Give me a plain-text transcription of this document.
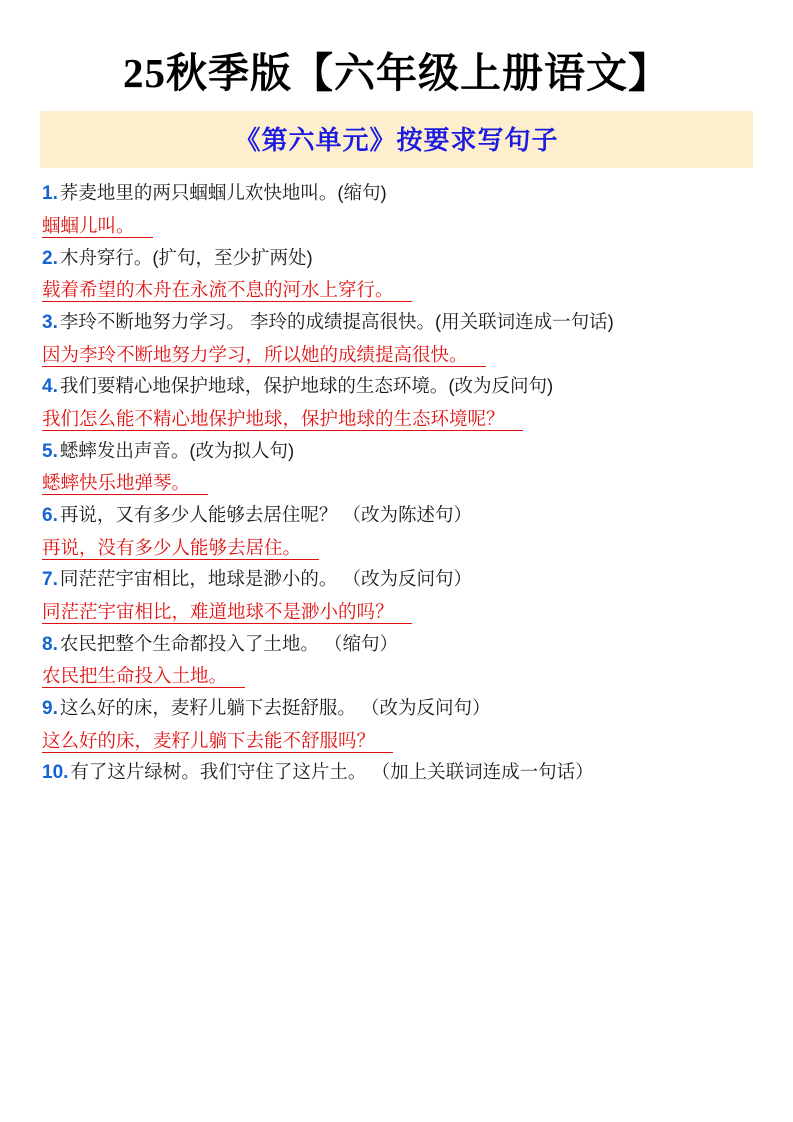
25秋季版【六年级上册语文】
《第六单元》按要求写句子
1. 荞麦地里的两只蝈蝈儿欢快地叫。(缩句)
蝈蝈儿叫。
2. 木舟穿行。(扩句，至少扩两处)
载着希望的木舟在永流不息的河水上穿行。
3. 李玲不断地努力学习。 李玲的成绩提高很快。(用关联词连成一句话)
因为李玲不断地努力学习，所以她的成绩提高很快。
4. 我们要精心地保护地球，保护地球的生态环境。(改为反问句)
我们怎么能不精心地保护地球，保护地球的生态环境呢？
5. 蟋蟀发出声音。(改为拟人句)
蟋蟀快乐地弹琴。
6. 再说，又有多少人能够去居住呢？ （改为陈述句）
再说，没有多少人能够去居住。
7. 同茫茫宇宙相比，地球是渺小的。 （改为反问句）
同茫茫宇宙相比，难道地球不是渺小的吗？
8. 农民把整个生命都投入了土地。 （缩句）
农民把生命投入土地。
9. 这么好的床，麦籽儿躺下去挺舒服。 （改为反问句）
这么好的床，麦籽儿躺下去能不舒服吗？
10. 有了这片绿树。我们守住了这片土。 （加上关联词连成一句话）
